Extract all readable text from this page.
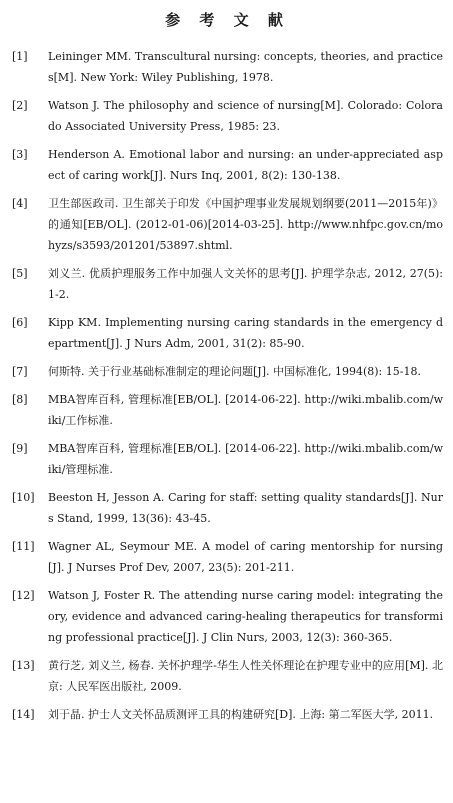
参 考 文 献
[1]	Leininger MM. Transcultural nursing: concepts, theories, and practices[M]. New York: Wiley Publishing, 1978.
[2]	Watson J. The philosophy and science of nursing[M]. Colorado: Colorado Associated University Press, 1985: 23.
[3]	Henderson A. Emotional labor and nursing: an under-appreciated aspect of caring work[J]. Nurs Inq, 2001, 8(2): 130-138.
[4]	卫生部医政司. 卫生部关于印发《中国护理事业发展规划纲要(2011—2015年)》的通知[EB/OL]. (2012-01-06)[2014-03-25]. http://www.nhfpc.gov.cn/mohyzs/s3593/201201/53897.shtml.
[5]	刘义兰. 优质护理服务工作中加强人文关怀的思考[J]. 护理学杂志, 2012, 27(5): 1-2.
[6]	Kipp KM. Implementing nursing caring standards in the emergency department[J]. J Nurs Adm, 2001, 31(2): 85-90.
[7]	何斯特. 关于行业基础标准制定的理论问题[J]. 中国标准化, 1994(8): 15-18.
[8]	MBA智库百科, 管理标准[EB/OL]. [2014-06-22]. http://wiki.mbalib.com/wiki/工作标准.
[9]	MBA智库百科, 管理标准[EB/OL]. [2014-06-22]. http://wiki.mbalib.com/wiki/管理标准.
[10]	Beeston H, Jesson A. Caring for staff: setting quality standards[J]. Nurs Stand, 1999, 13(36): 43-45.
[11]	Wagner AL, Seymour ME. A model of caring mentorship for nursing[J]. J Nurses Prof Dev, 2007, 23(5): 201-211.
[12]	Watson J, Foster R. The attending nurse caring model: integrating theory, evidence and advanced caring-healing therapeutics for transforming professional practice[J]. J Clin Nurs, 2003, 12(3): 360-365.
[13]	黄行芝, 刘义兰, 杨春. 关怀护理学-华生人性关怀理论在护理专业中的应用[M]. 北京: 人民军医出版社, 2009.
[14]	刘于晶. 护士人文关怀品质测评工具的构建研究[D]. 上海: 第二军医大学, 2011.
